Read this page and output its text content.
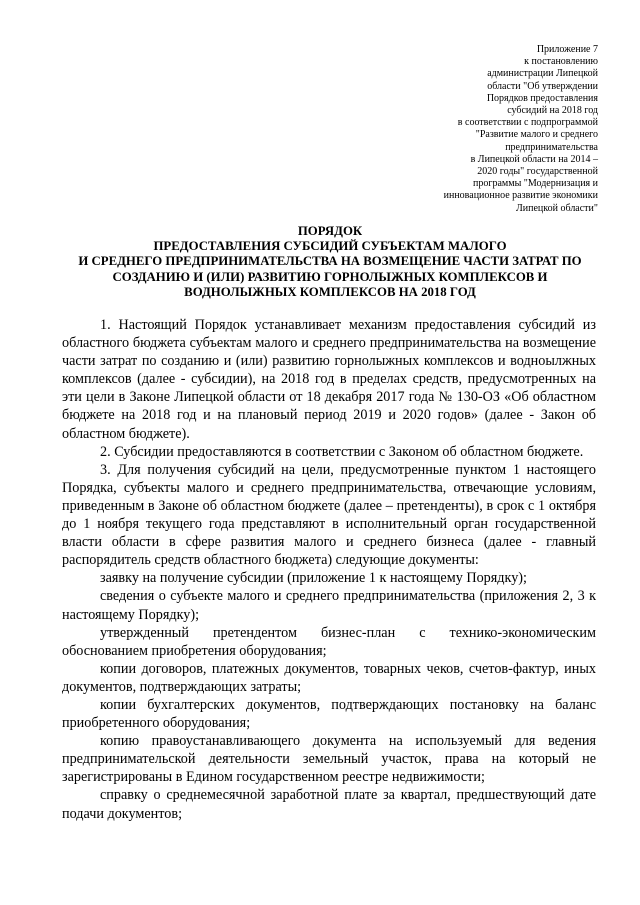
Приложение 7
к постановлению
администрации Липецкой
области "Об утверждении
Порядков предоставления
субсидий на 2018 год
в соответствии с подпрограммой
"Развитие малого и среднего
предпринимательства
в Липецкой области на 2014 –
2020 годы" государственной
программы "Модернизация и
инновационное развитие экономики
Липецкой области"
ПОРЯДОК
ПРЕДОСТАВЛЕНИЯ СУБСИДИЙ СУБЪЕКТАМ МАЛОГО
И СРЕДНЕГО ПРЕДПРИНИМАТЕЛЬСТВА НА ВОЗМЕЩЕНИЕ ЧАСТИ ЗАТРАТ ПО
СОЗДАНИЮ И (ИЛИ) РАЗВИТИЮ ГОРНОЛЫЖНЫХ КОМПЛЕКСОВ И
ВОДНОЛЫЖНЫХ КОМПЛЕКСОВ НА 2018 ГОД

1. Настоящий Порядок устанавливает механизм предоставления субсидий из областного бюджета субъектам малого и среднего предпринимательства на возмещение части затрат по созданию и (или) развитию горнолыжных комплексов и водноылжных комплексов (далее - субсидии), на 2018 год в пределах средств, предусмотренных на эти цели в Законе Липецкой области от 18 декабря 2017 года № 130-ОЗ «Об областном бюджете на 2018 год и на плановый период 2019 и 2020 годов» (далее - Закон об областном бюджете).

2. Субсидии предоставляются в соответствии с Законом об областном бюджете.

3. Для получения субсидий на цели, предусмотренные пунктом 1 настоящего Порядка, субъекты малого и среднего предпринимательства, отвечающие условиям, приведенным в Законе об областном бюджете (далее – претенденты), в срок с 1 октября до 1 ноября текущего года представляют в исполнительный орган государственной власти области в сфере развития малого и среднего бизнеса (далее - главный распорядитель средств областного бюджета) следующие документы:

заявку на получение субсидии (приложение 1 к настоящему Порядку);

сведения о субъекте малого и среднего предпринимательства (приложения 2, 3 к настоящему Порядку);

утвержденный претендентом бизнес-план с технико-экономическим обоснованием приобретения оборудования;

копии договоров, платежных документов, товарных чеков, счетов-фактур, иных документов, подтверждающих затраты;

копии бухгалтерских документов, подтверждающих постановку на баланс приобретенного оборудования;

копию правоустанавливающего документа на используемый для ведения предпринимательской деятельности земельный участок, права на который не зарегистрированы в Едином государственном реестре недвижимости;

справку о среднемесячной заработной плате за квартал, предшествующий дате подачи документов;
